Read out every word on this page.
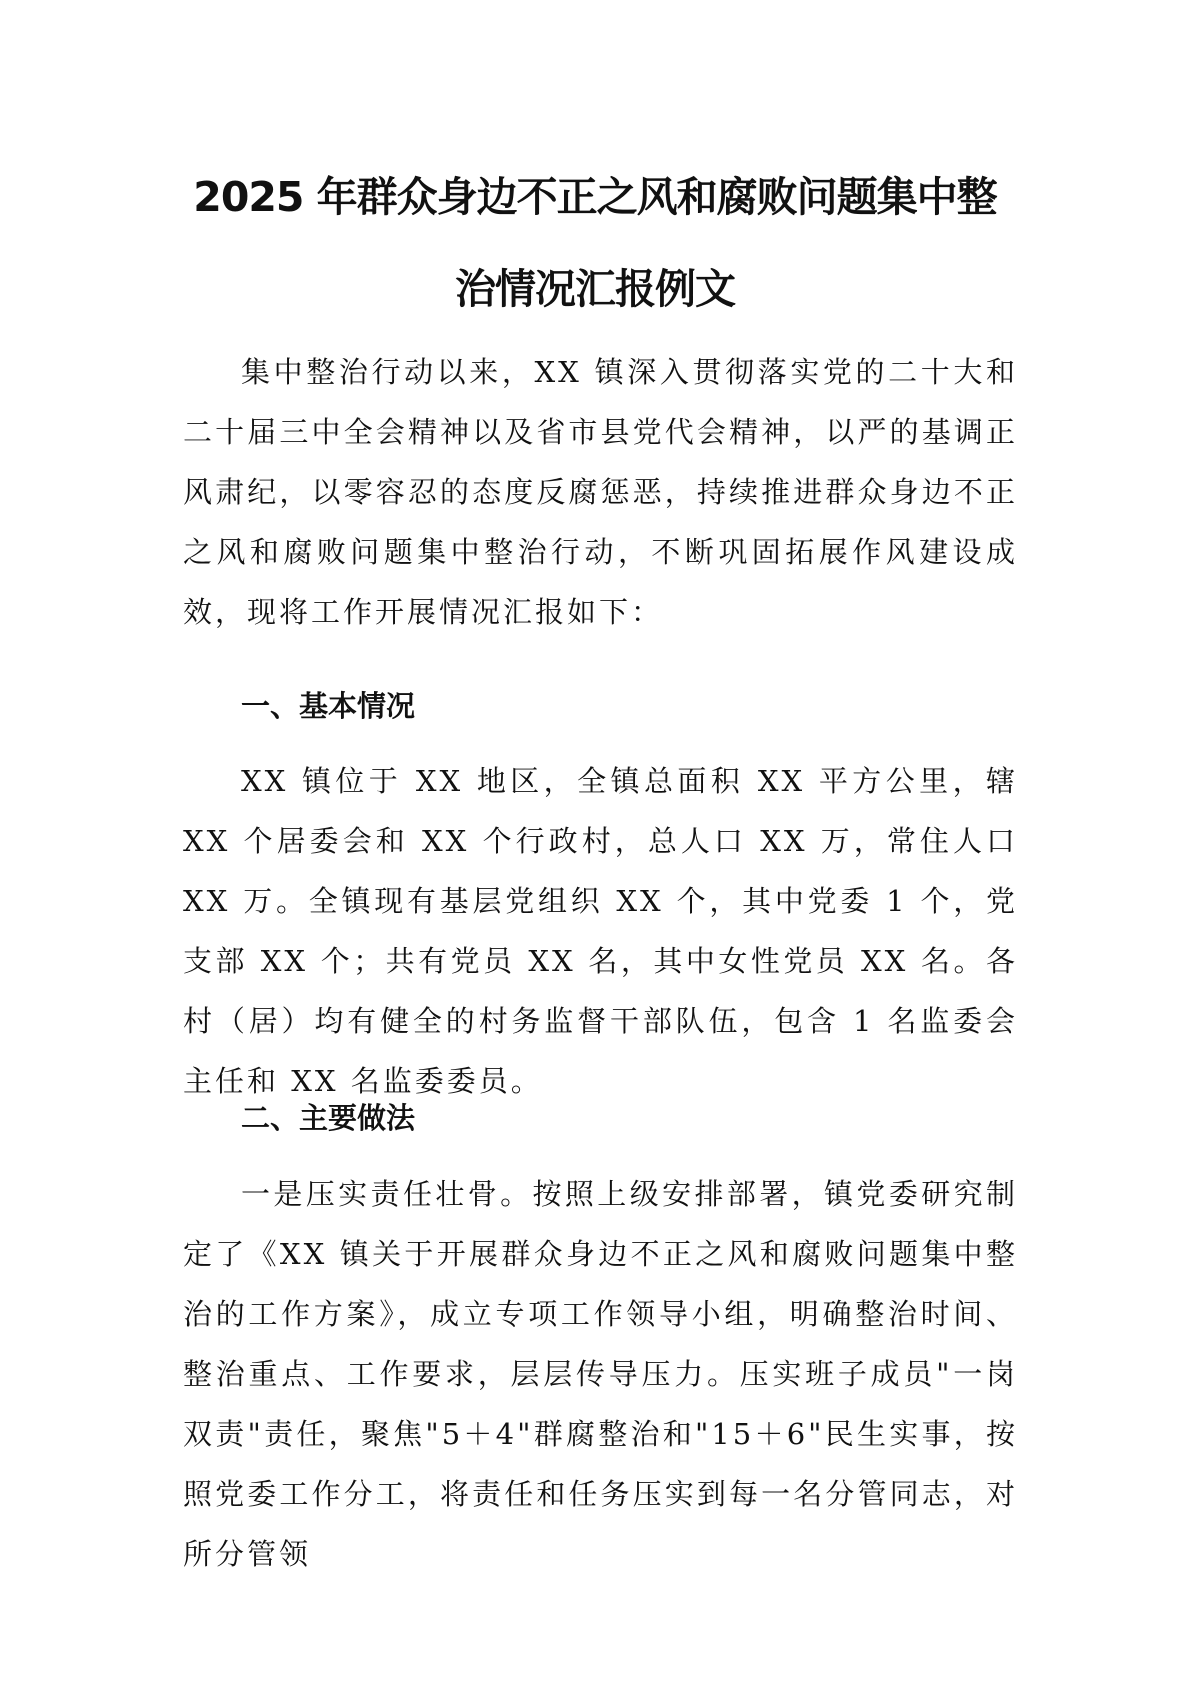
2025 年群众身边不正之风和腐败问题集中整
治情况汇报例文

集中整治行动以来，XX 镇深入贯彻落实党的二十大和二十届三中全会精神以及省市县党代会精神，以严的基调正风肃纪，以零容忍的态度反腐惩恶，持续推进群众身边不正之风和腐败问题集中整治行动，不断巩固拓展作风建设成效，现将工作开展情况汇报如下：

一、基本情况

XX 镇位于 XX 地区，全镇总面积 XX 平方公里，辖 XX 个居委会和 XX 个行政村，总人口 XX 万，常住人口 XX 万。全镇现有基层党组织 XX 个，其中党委 1 个，党支部 XX 个；共有党员 XX 名，其中女性党员 XX 名。各村（居）均有健全的村务监督干部队伍，包含 1 名监委会主任和 XX 名监委委员。

二、主要做法

一是压实责任壮骨。按照上级安排部署，镇党委研究制定了《XX 镇关于开展群众身边不正之风和腐败问题集中整治的工作方案》，成立专项工作领导小组，明确整治时间、整治重点、工作要求，层层传导压力。压实班子成员"一岗双责"责任，聚焦"5＋4"群腐整治和"15＋6"民生实事，按照党委工作分工，将责任和任务压实到每一名分管同志，对所分管领
